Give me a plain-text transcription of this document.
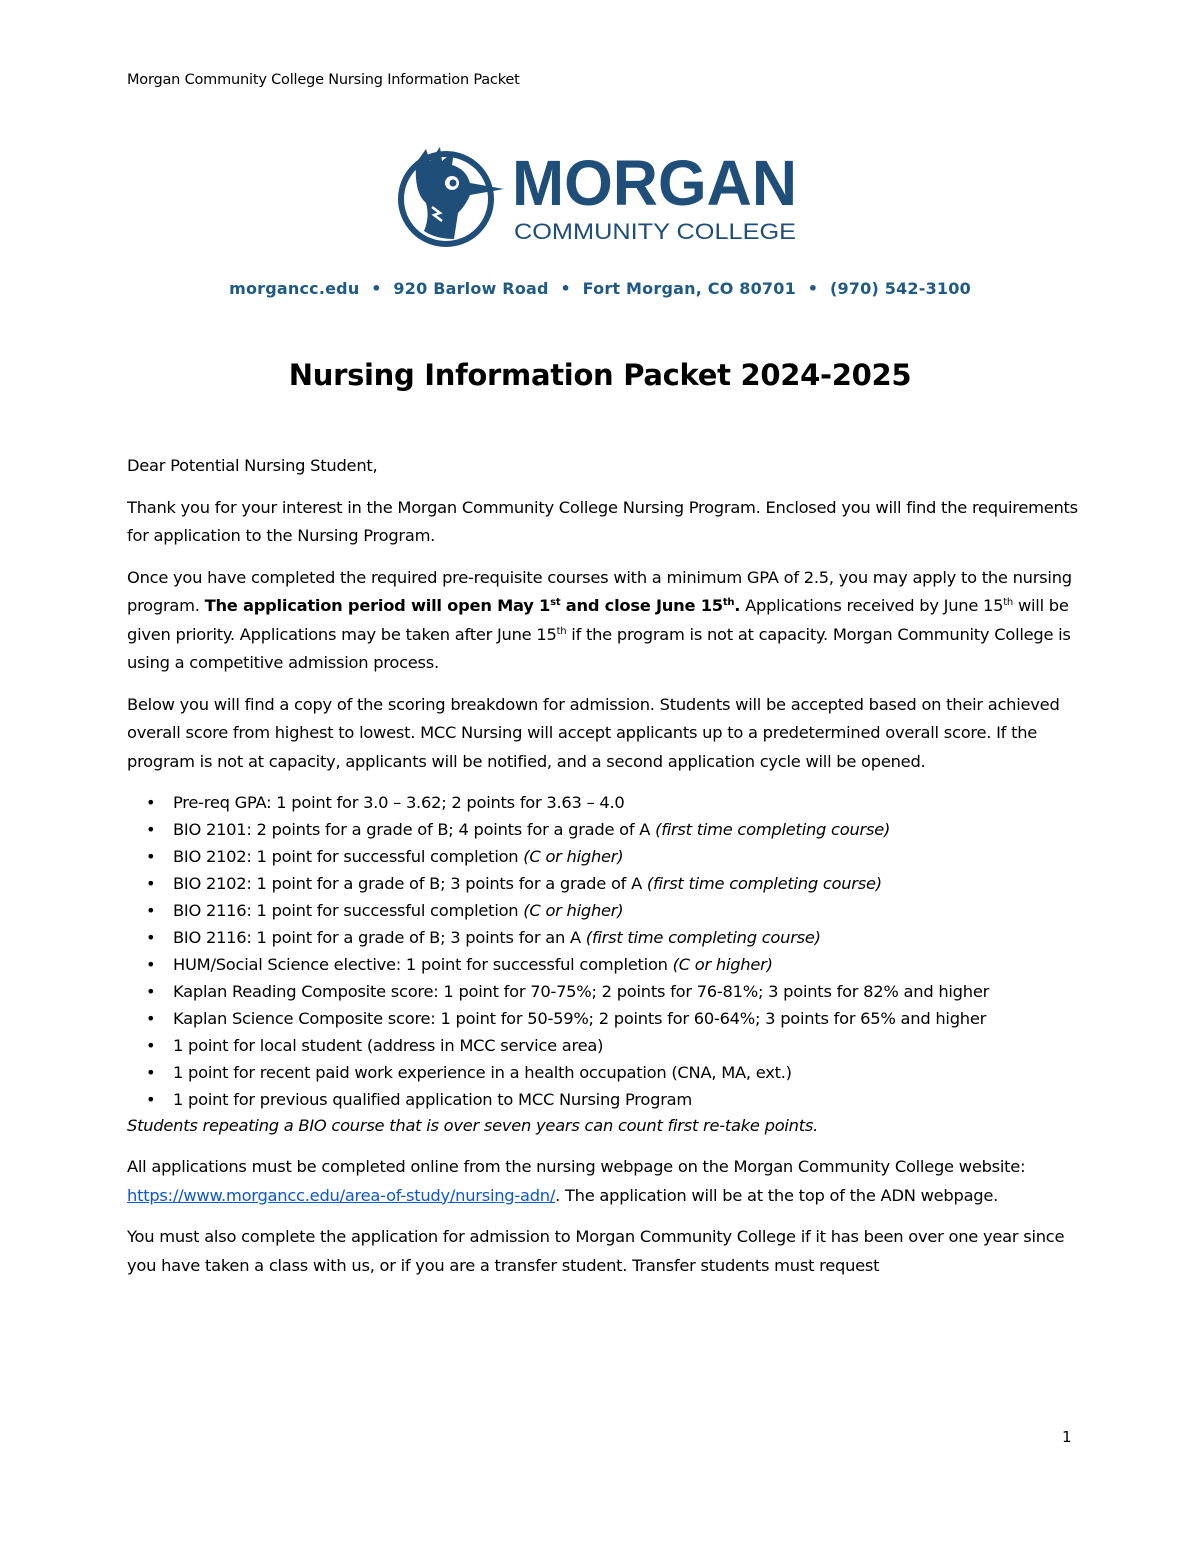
Morgan Community College Nursing Information Packet
MORGAN
COMMUNITY COLLEGE
morgancc.edu • 920 Barlow Road • Fort Morgan, CO 80701 • (970) 542-3100
Nursing Information Packet 2024-2025

Dear Potential Nursing Student,

Thank you for your interest in the Morgan Community College Nursing Program. Enclosed you will find the requirements for application to the Nursing Program.

Once you have completed the required pre-requisite courses with a minimum GPA of 2.5, you may apply to the nursing program. The application period will open May 1st and close June 15th. Applications received by June 15th will be given priority. Applications may be taken after June 15th if the program is not at capacity. Morgan Community College is using a competitive admission process.

Below you will find a copy of the scoring breakdown for admission. Students will be accepted based on their achieved overall score from highest to lowest. MCC Nursing will accept applicants up to a predetermined overall score. If the program is not at capacity, applicants will be notified, and a second application cycle will be opened.

• Pre-req GPA: 1 point for 3.0 – 3.62; 2 points for 3.63 – 4.0
• BIO 2101: 2 points for a grade of B; 4 points for a grade of A (first time completing course)
• BIO 2102: 1 point for successful completion (C or higher)
• BIO 2102: 1 point for a grade of B; 3 points for a grade of A (first time completing course)
• BIO 2116: 1 point for successful completion (C or higher)
• BIO 2116: 1 point for a grade of B; 3 points for an A (first time completing course)
• HUM/Social Science elective: 1 point for successful completion (C or higher)
• Kaplan Reading Composite score: 1 point for 70-75%; 2 points for 76-81%; 3 points for 82% and higher
• Kaplan Science Composite score: 1 point for 50-59%; 2 points for 60-64%; 3 points for 65% and higher
• 1 point for local student (address in MCC service area)
• 1 point for recent paid work experience in a health occupation (CNA, MA, ext.)
• 1 point for previous qualified application to MCC Nursing Program
Students repeating a BIO course that is over seven years can count first re-take points.

All applications must be completed online from the nursing webpage on the Morgan Community College website: https://www.morgancc.edu/area-of-study/nursing-adn/. The application will be at the top of the ADN webpage.

You must also complete the application for admission to Morgan Community College if it has been over one year since you have taken a class with us, or if you are a transfer student. Transfer students must request

1
